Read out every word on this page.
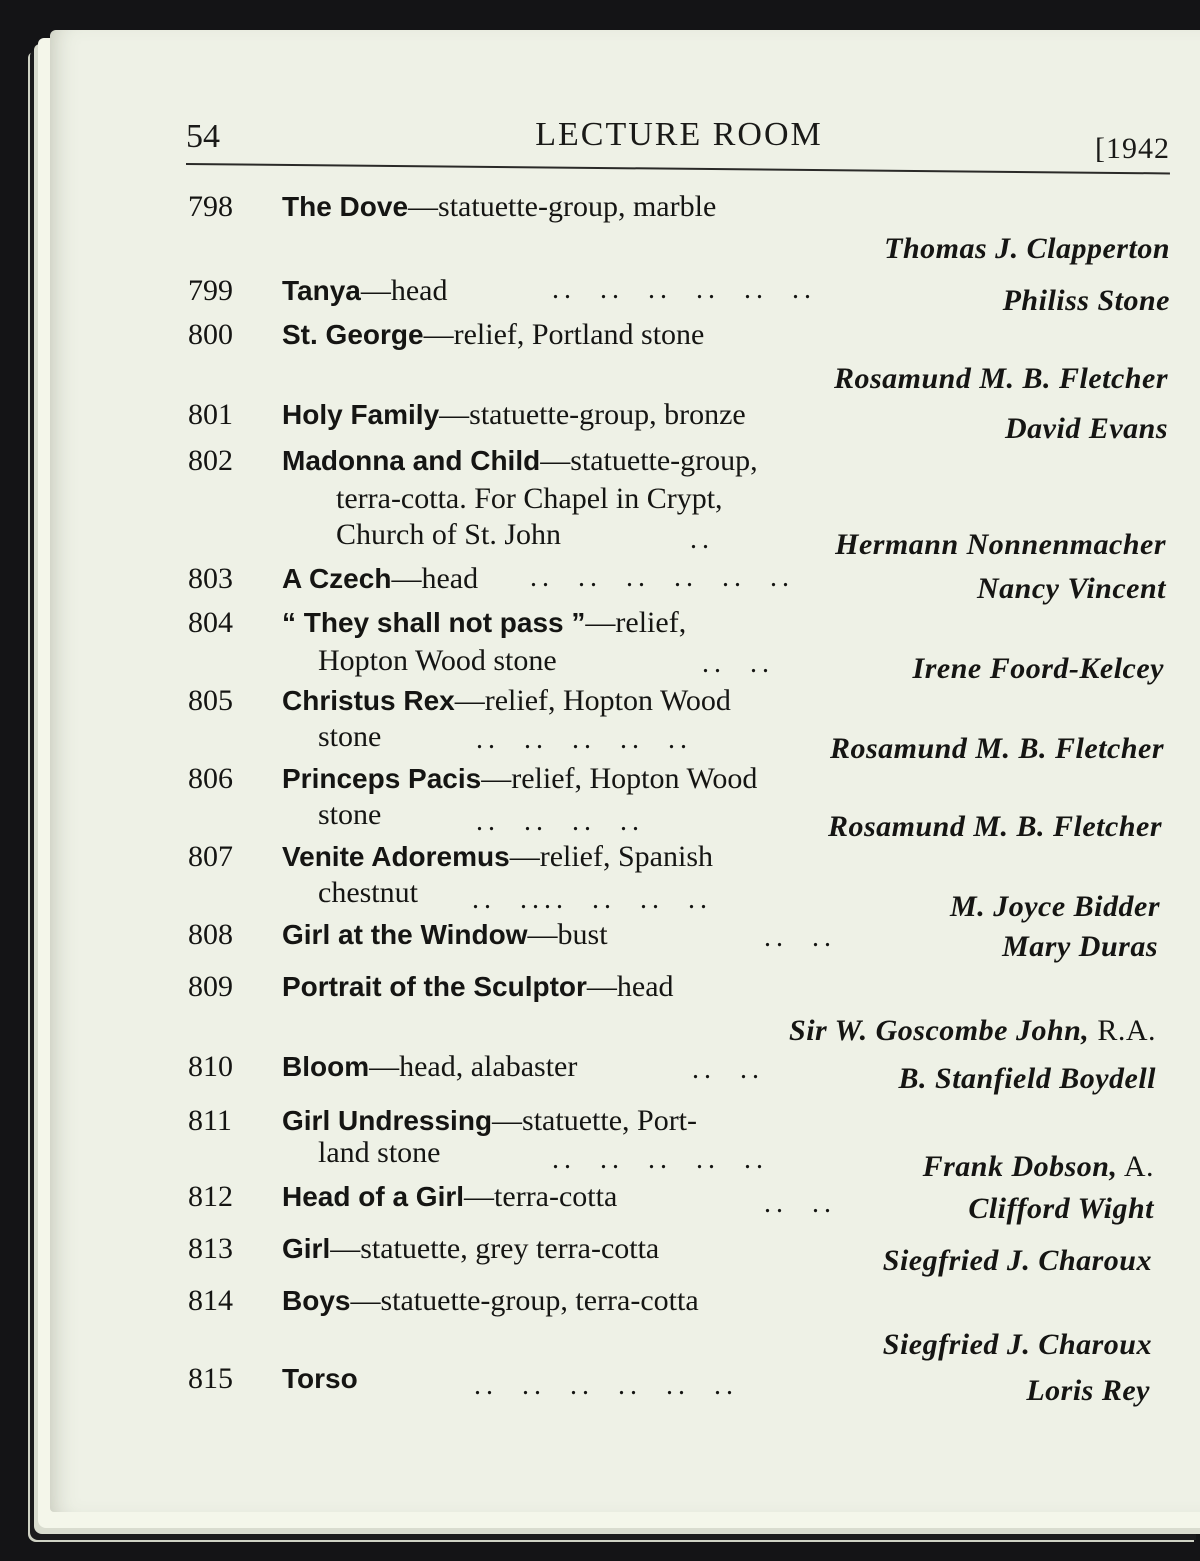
54	LECTURE ROOM	[1942
798 The Dove—statuette-group, marble
Thomas J. Clapperton
799 Tanya—head	..  ..  ..  ..  ..  ..	Philiss Stone
800 St. George—relief, Portland stone
Rosamund M. B. Fletcher
801 Holy Family—statuette-group, bronze	David Evans
802 Madonna and Child—statuette-group,
terra-cotta. For Chapel in Crypt,
Church of St. John	..	Hermann Nonnenmacher
803 A Czech—head ..  ..  ..  ..  ..  ..	Nancy Vincent
804 “ They shall not pass ”—relief,
Hopton Wood stone	..  ..	Irene Foord-Kelcey
805 Christus Rex—relief, Hopton Wood
stone	..  ..  ..  ..  ..	Rosamund M. B. Fletcher
806 Princeps Pacis—relief, Hopton Wood
stone	..  ..  ..  ..	Rosamund M. B. Fletcher
807 Venite Adoremus—relief, Spanish
chestnut ..  ....  ..  ..  ..	M. Joyce Bidder
808 Girl at the Window—bust	..  ..	Mary Duras
809 Portrait of the Sculptor—head
Sir W. Goscombe John, R.A.
810 Bloom—head, alabaster	..  ..	B. Stanfield Boydell
811 Girl Undressing—statuette, Port-
land stone	..  ..  ..  ..  ..	Frank Dobson, A.
812 Head of a Girl—terra-cotta	..  ..	Clifford Wight
813 Girl—statuette, grey terra-cotta	Siegfried J. Charoux
814 Boys—statuette-group, terra-cotta
Siegfried J. Charoux
815 Torso	..  ..  ..  ..  ..  ..	Loris Rey
